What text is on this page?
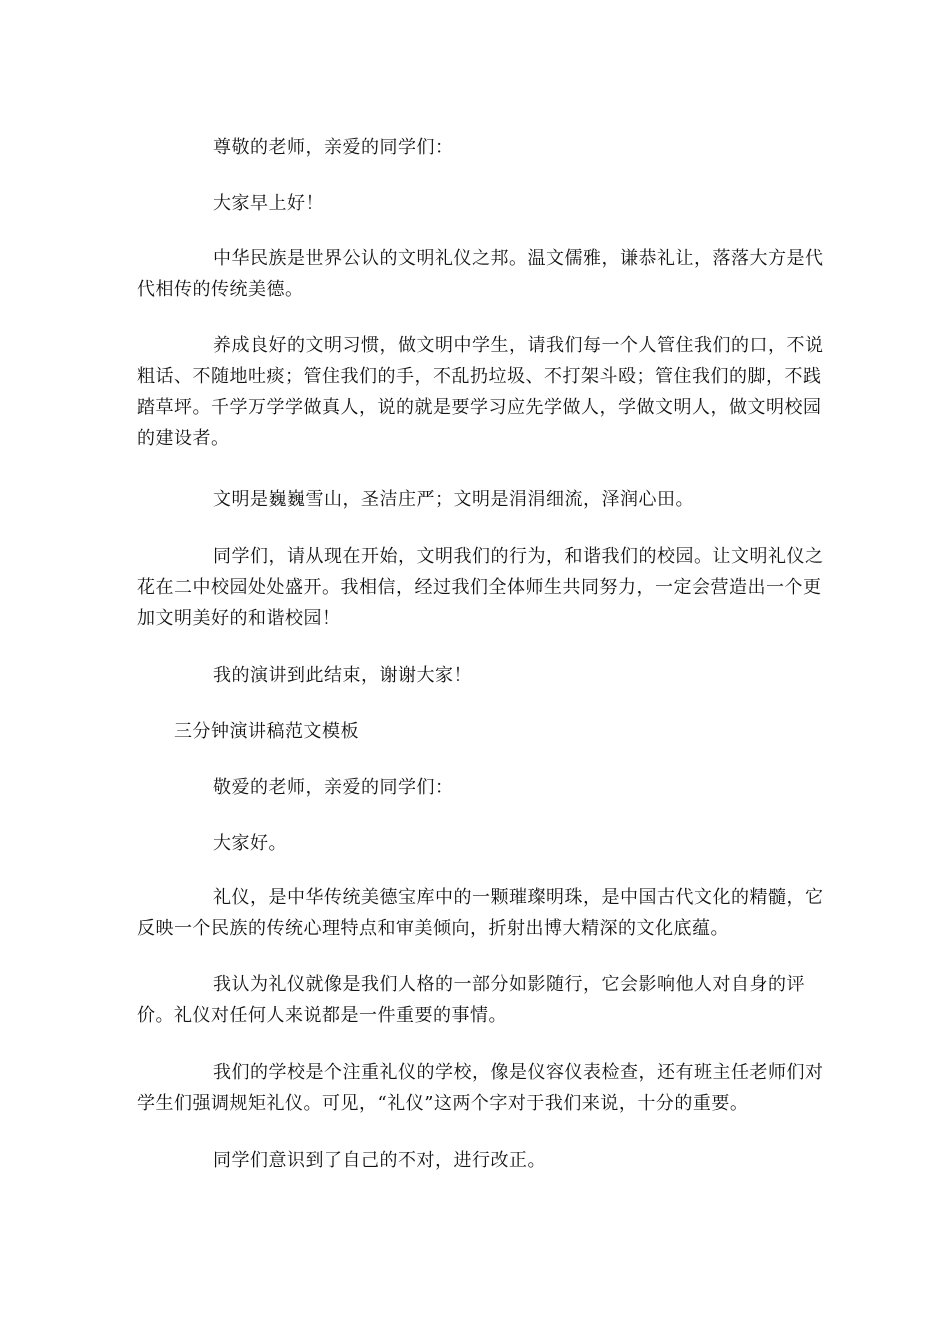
尊敬的老师，亲爱的同学们：

大家早上好！

中华民族是世界公认的文明礼仪之邦。温文儒雅，谦恭礼让，落落大方是代代相传的传统美德。

养成良好的文明习惯，做文明中学生，请我们每一个人管住我们的口，不说粗话、不随地吐痰；管住我们的手，不乱扔垃圾、不打架斗殴；管住我们的脚，不践踏草坪。千学万学学做真人，说的就是要学习应先学做人，学做文明人，做文明校园的建设者。

文明是巍巍雪山，圣洁庄严；文明是涓涓细流，泽润心田。

同学们，请从现在开始，文明我们的行为，和谐我们的校园。让文明礼仪之花在二中校园处处盛开。我相信，经过我们全体师生共同努力，一定会营造出一个更加文明美好的和谐校园！

我的演讲到此结束，谢谢大家！

三分钟演讲稿范文模板

敬爱的老师，亲爱的同学们：

大家好。

礼仪，是中华传统美德宝库中的一颗璀璨明珠，是中国古代文化的精髓，它反映一个民族的传统心理特点和审美倾向，折射出博大精深的文化底蕴。

我认为礼仪就像是我们人格的一部分如影随行，它会影响他人对自身的评价。礼仪对任何人来说都是一件重要的事情。

我们的学校是个注重礼仪的学校，像是仪容仪表检查，还有班主任老师们对学生们强调规矩礼仪。可见，“礼仪”这两个字对于我们来说，十分的重要。

同学们意识到了自己的不对，进行改正。
